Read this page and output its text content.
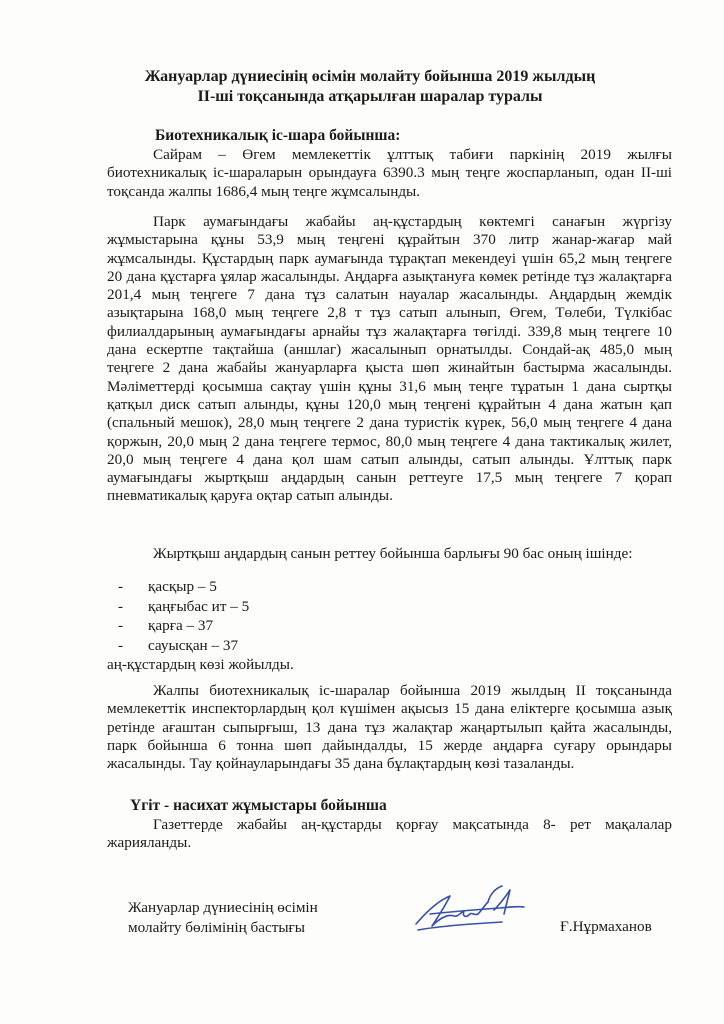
Жануарлар дүниесінің өсімін молайту бойынша 2019 жылдың
ІІ-ші тоқсанында атқарылған шаралар туралы
Биотехникалық іс-шара бойынша:

Сайрам – Өгем мемлекеттік ұлттық табиғи паркінің 2019 жылғы биотехникалық іс-шараларын орындауға 6390.3 мың теңге жоспарланып, одан ІІ-ші тоқсанда жалпы 1686,4 мың теңге жұмсалынды.

Парк аумағындағы жабайы аң-құстардың көктемгі санағын жүргізу жұмыстарына құны 53,9 мың теңгені құрайтын 370 литр жанар-жағар май жұмсалынды. Құстардың парк аумағында тұрақтап мекендеуі үшін 65,2 мың теңгеге 20 дана құстарға ұялар жасалынды. Аңдарға азықтануға көмек ретінде тұз жалақтарға 201,4 мың теңгеге 7 дана тұз салатын науалар жасалынды. Аңдардың жемдік азықтарына 168,0 мың теңгеге 2,8 т тұз сатып алынып, Өгем, Төлеби, Түлкібас филиалдарының аумағындағы арнайы тұз жалақтарға төгілді. 339,8 мың теңгеге 10 дана ескертпе тақтайша (аншлаг) жасалынып орнатылды. Сондай-ақ 485,0 мың теңгеге 2 дана жабайы жануарларға қыста шөп жинайтын бастырма жасалынды. Мәліметтерді қосымша сақтау үшін құны 31,6 мың теңге тұратын 1 дана сыртқы қатқыл диск сатып алынды, құны 120,0 мың теңгені құрайтын 4 дана жатын қап (спальный мешок), 28,0 мың теңгеге 2 дана туристік күрек, 56,0 мың теңгеге 4 дана қоржын, 20,0 мың 2 дана теңгеге термос, 80,0 мың теңгеге 4 дана тактикалық жилет, 20,0 мың теңгеге 4 дана қол шам сатып алынды, сатып алынды. Ұлттық парк аумағындағы жыртқыш аңдардың санын реттеуге 17,5 мың теңгеге 7 қорап пневматикалық қаруға оқтар сатып алынды.

Жыртқыш аңдардың санын реттеу бойынша барлығы 90 бас оның ішінде:

- қасқыр – 5
- қаңғыбас ит – 5
- қарға – 37
- сауысқан – 37
аң-құстардың көзі жойылды.

Жалпы биотехникалық іс-шаралар бойынша 2019 жылдың ІІ тоқсанында мемлекеттік инспекторлардың қол күшімен ақысыз 15 дана еліктерге қосымша азық ретінде ағаштан сыпырғыш, 13 дана тұз жалақтар жаңартылып қайта жасалынды, парк бойынша 6 тонна шөп дайындалды, 15 жерде аңдарға суғару орындары жасалынды. Тау қойнауларындағы 35 дана бұлақтардың көзі тазаланды.

Үгіт - насихат жұмыстары бойынша

Газеттерде жабайы аң-құстарды қорғау мақсатында 8- рет мақалалар жарияланды.

Жануарлар дүниесінің өсімін
молайту бөлімінің бастығы	Ғ.Нұрмаханов
